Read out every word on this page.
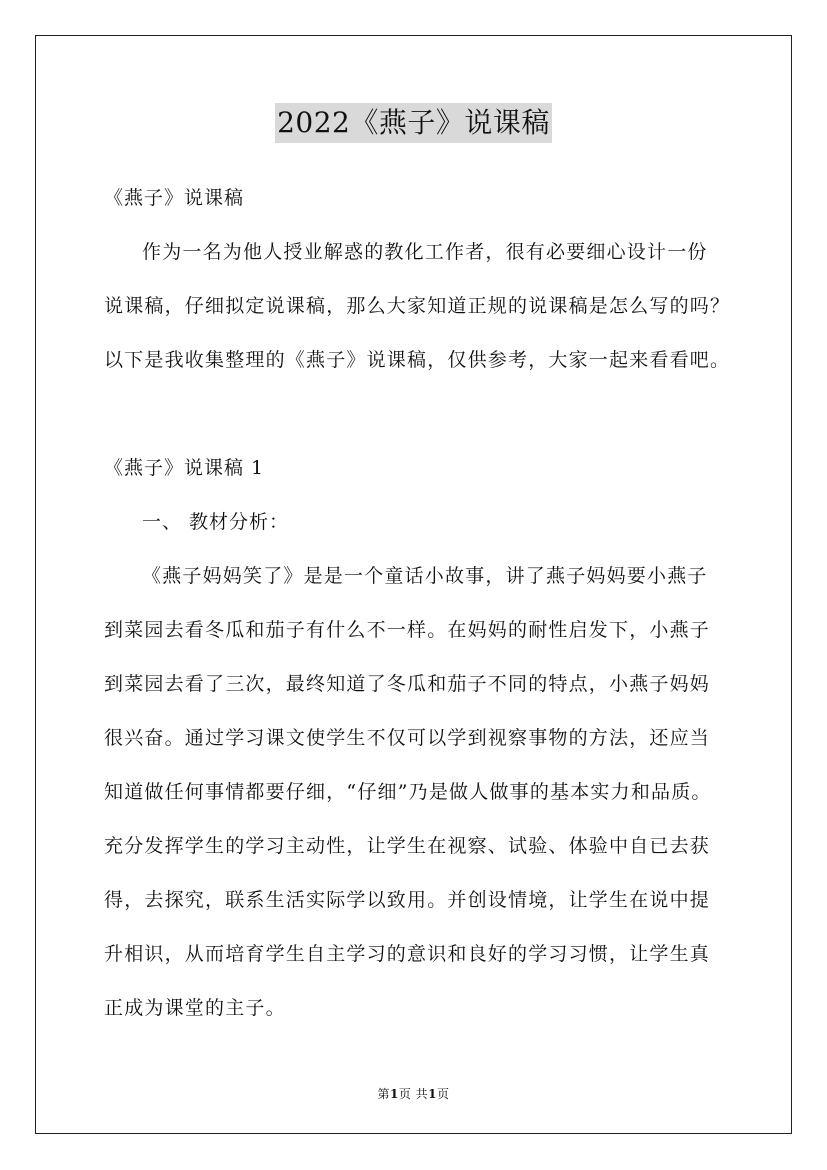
2022《燕子》说课稿
《燕子》说课稿
作为一名为他人授业解惑的教化工作者，很有必要细心设计一份
说课稿，仔细拟定说课稿，那么大家知道正规的说课稿是怎么写的吗？
以下是我收集整理的《燕子》说课稿，仅供参考，大家一起来看看吧。
《燕子》说课稿 1
一、 教材分析：
《燕子妈妈笑了》是是一个童话小故事，讲了燕子妈妈要小燕子
到菜园去看冬瓜和茄子有什么不一样。在妈妈的耐性启发下，小燕子
到菜园去看了三次，最终知道了冬瓜和茄子不同的特点，小燕子妈妈
很兴奋。通过学习课文使学生不仅可以学到视察事物的方法，还应当
知道做任何事情都要仔细，“仔细”乃是做人做事的基本实力和品质。
充分发挥学生的学习主动性，让学生在视察、试验、体验中自已去获
得，去探究，联系生活实际学以致用。并创设情境，让学生在说中提
升相识，从而培育学生自主学习的意识和良好的学习习惯，让学生真
正成为课堂的主子。
第1页 共1页
